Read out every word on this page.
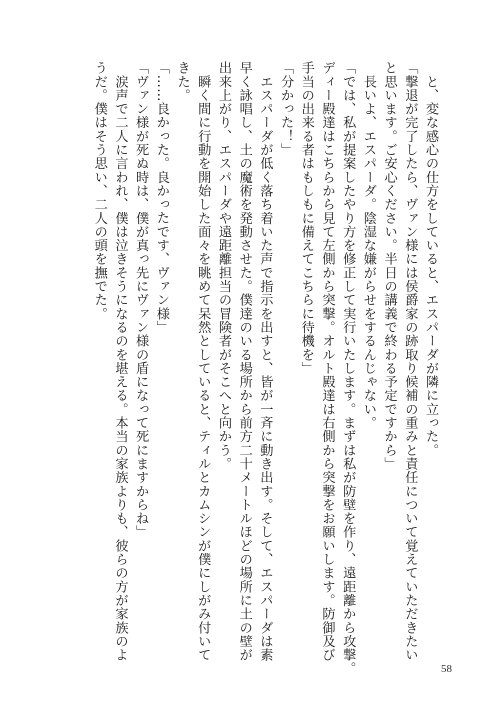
　と、変な感心の仕方をしていると、エスパーダが隣に立った。
「撃退が完了したら、ヴァン様には侯爵家の跡取り候補の重みと責任について覚えていただきたい
と思います。ご安心ください。半日の講義で終わる予定ですから」
　長いよ、エスパーダ。陰湿な嫌がらせをするんじゃない。
「では、私が提案したやり方を修正して実行いたします。まずは私が防壁を作り、遠距離から攻撃。
ディー殿達はこちらから見て左側から突撃。オルト殿達は右側から突撃をお願いします。防御及び
手当の出来る者はもしもに備えてこちらに待機を」
「分かった！」
　エスパーダが低く落ち着いた声で指示を出すと、皆が一斉に動き出す。そして、エスパーダは素
早く詠唱し、土の魔術を発動させた。僕達のいる場所から前方二十メートルほどの場所に土の壁が
出来上がり、エスパーダや遠距離担当の冒険者がそこへと向かう。
　瞬く間に行動を開始した面々を眺めて呆然としていると、ティルとカムシンが僕にしがみ付いて
きた。
「……良かった。良かったです、ヴァン様」
「ヴァン様が死ぬ時は、僕が真っ先にヴァン様の盾になって死にますからね」
　涙声で二人に言われ、僕は泣きそうになるのを堪える。本当の家族よりも、彼らの方が家族のよ
うだ。僕はそう思い、二人の頭を撫でた。
58
